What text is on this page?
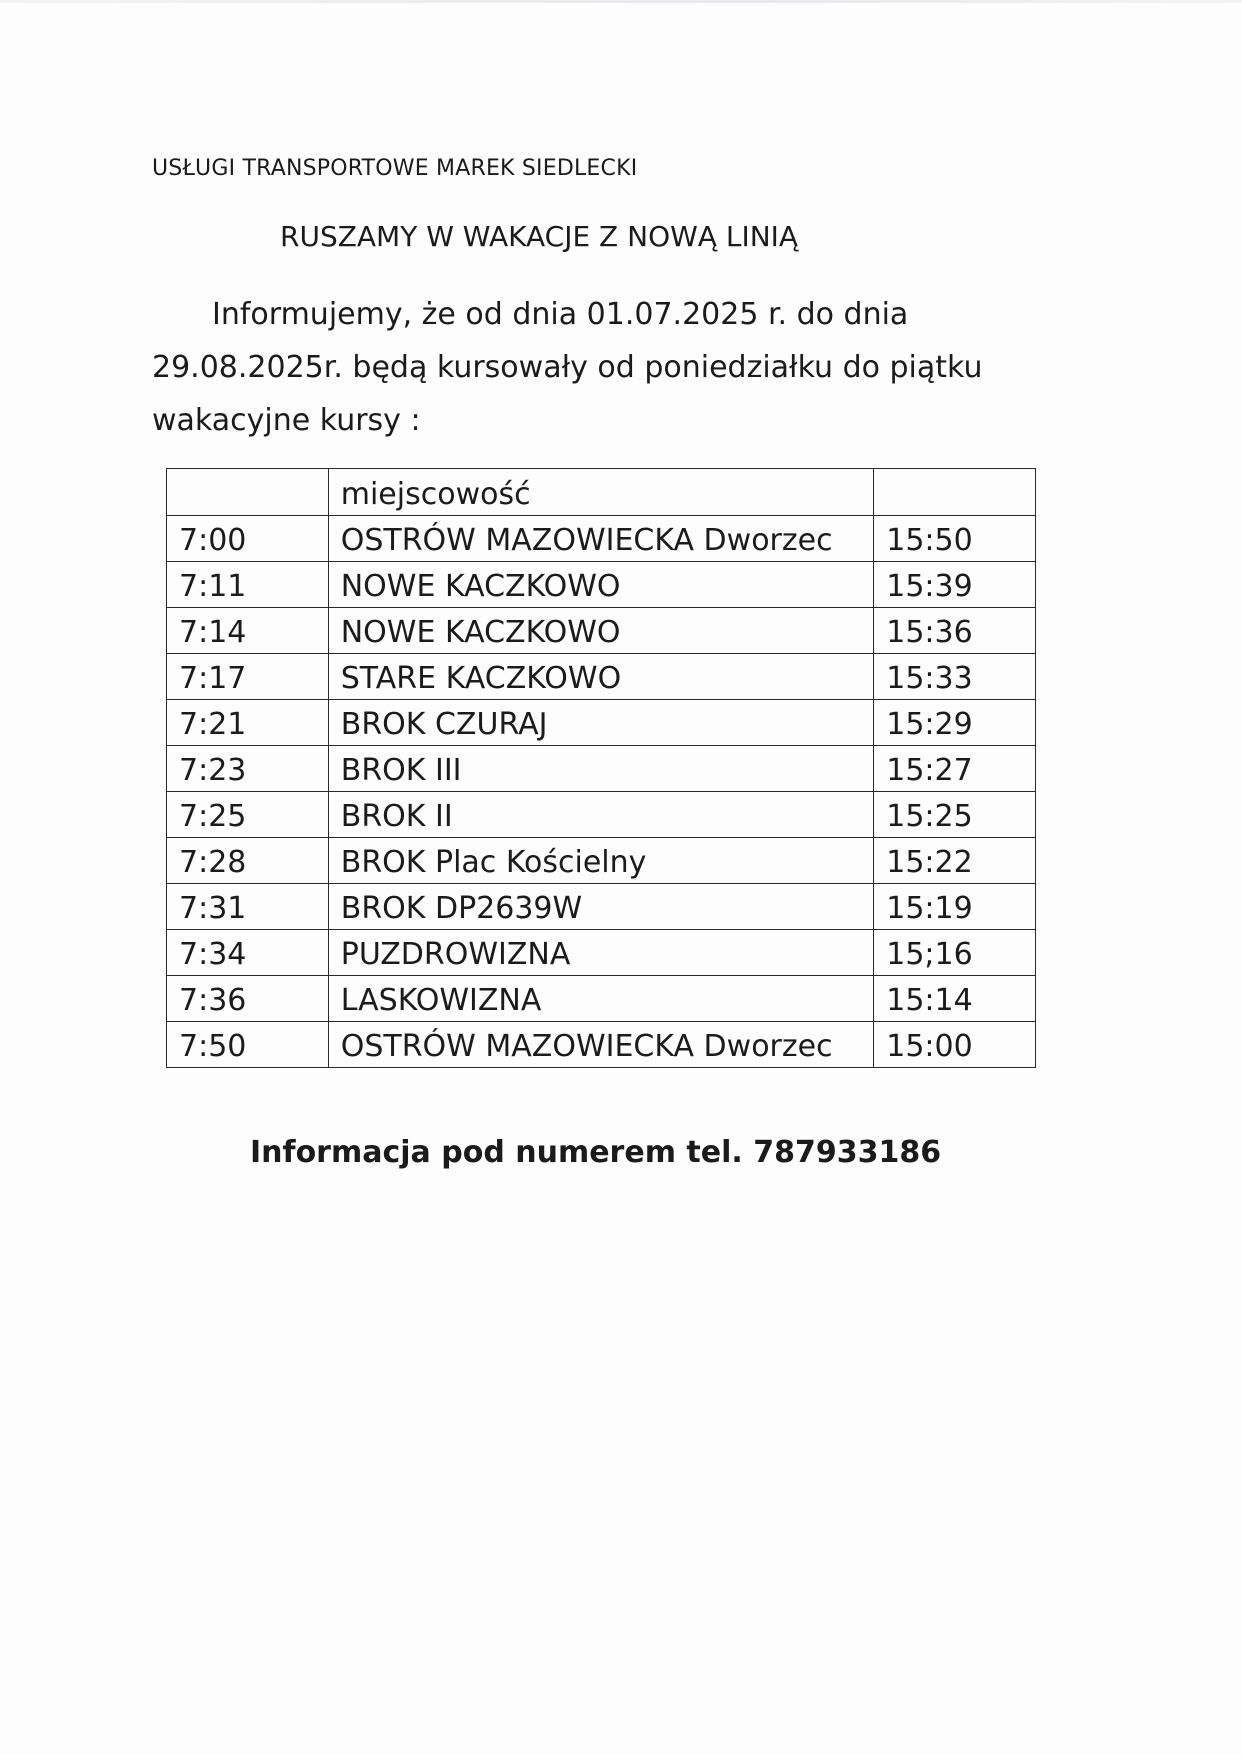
USŁUGI TRANSPORTOWE MAREK SIEDLECKI
RUSZAMY W WAKACJE Z NOWĄ LINIĄ

Informujemy, że od dnia 01.07.2025 r. do dnia
29.08.2025r. będą kursowały od poniedziałku do piątku
wakacyjne kursy :

	miejscowość	
7:00	OSTRÓW MAZOWIECKA Dworzec	15:50
7:11	NOWE KACZKOWO	15:39
7:14	NOWE KACZKOWO	15:36
7:17	STARE KACZKOWO	15:33
7:21	BROK CZURAJ	15:29
7:23	BROK III	15:27
7:25	BROK II	15:25
7:28	BROK Plac Kościelny	15:22
7:31	BROK DP2639W	15:19
7:34	PUZDROWIZNA	15;16
7:36	LASKOWIZNA	15:14
7:50	OSTRÓW MAZOWIECKA Dworzec	15:00
Informacja pod numerem tel. 787933186
